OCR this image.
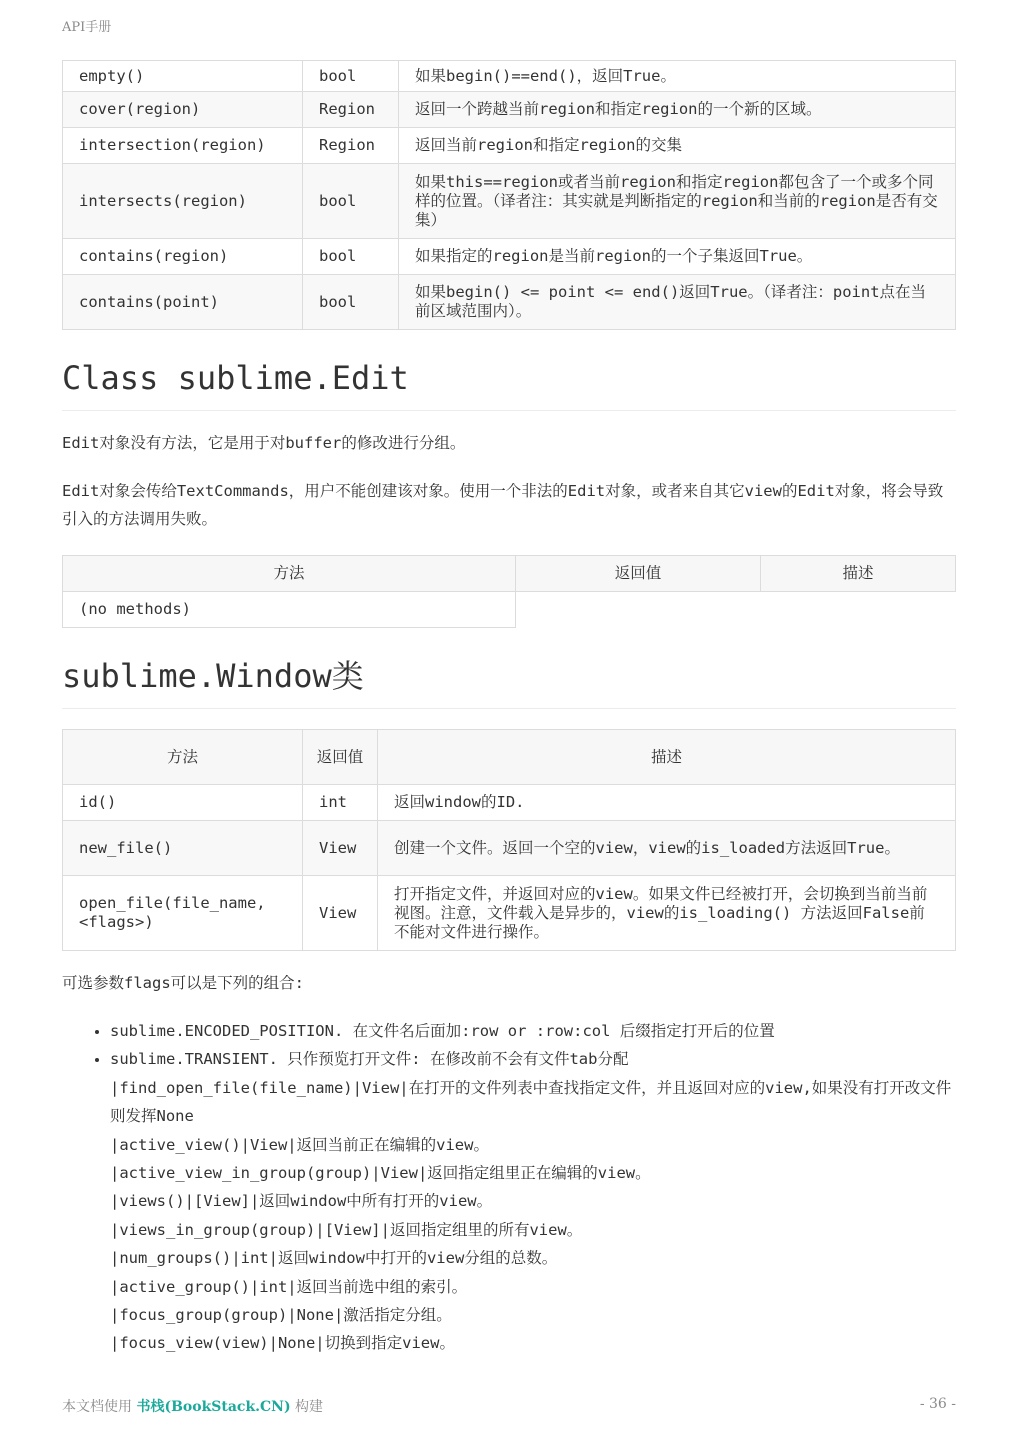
API手册
empty()	bool	如果begin()==end()，返回True。
cover(region)	Region	返回一个跨越当前region和指定region的一个新的区域。
intersection(region)	Region	返回当前region和指定region的交集
intersects(region)	bool	如果this==region或者当前region和指定region都包含了一个或多个同样的位置。（译者注：其实就是判断指定的region和当前的region是否有交集）
contains(region)	bool	如果指定的region是当前region的一个子集返回True。
contains(point)	bool	如果begin() <= point <= end()返回True。（译者注：point点在当前区域范围内）。
Class sublime.Edit

Edit对象没有方法，它是用于对buffer的修改进行分组。

Edit对象会传给TextCommands，用户不能创建该对象。使用一个非法的Edit对象，或者来自其它view的Edit对象，将会导致引入的方法调用失败。

方法	返回值	描述
(no methods)		
sublime.Window类
方法	返回值	描述
id()	int	返回window的ID.
new_file()	View	创建一个文件。返回一个空的view，view的is_loaded方法返回True。
open_file(file_name, <flags>)	View	打开指定文件，并返回对应的view。如果文件已经被打开，会切换到当前当前视图。注意，文件载入是异步的，view的is_loading() 方法返回False前不能对文件进行操作。

可选参数flags可以是下列的组合:

• sublime.ENCODED_POSITION. 在文件名后面加:row or :row:col 后缀指定打开后的位置
• sublime.TRANSIENT. 只作预览打开文件: 在修改前不会有文件tab分配
|find_open_file(file_name)|View|在打开的文件列表中查找指定文件，并且返回对应的view,如果没有打开改文件则发挥None
|active_view()|View|返回当前正在编辑的view。
|active_view_in_group(group)|View|返回指定组里正在编辑的view。
|views()|[View]|返回window中所有打开的view。
|views_in_group(group)|[View]|返回指定组里的所有view。
|num_groups()|int|返回window中打开的view分组的总数。
|active_group()|int|返回当前选中组的索引。
|focus_group(group)|None|激活指定分组。
|focus_view(view)|None|切换到指定view。
本文档使用 书栈(BookStack.CN) 构建	- 36 -
